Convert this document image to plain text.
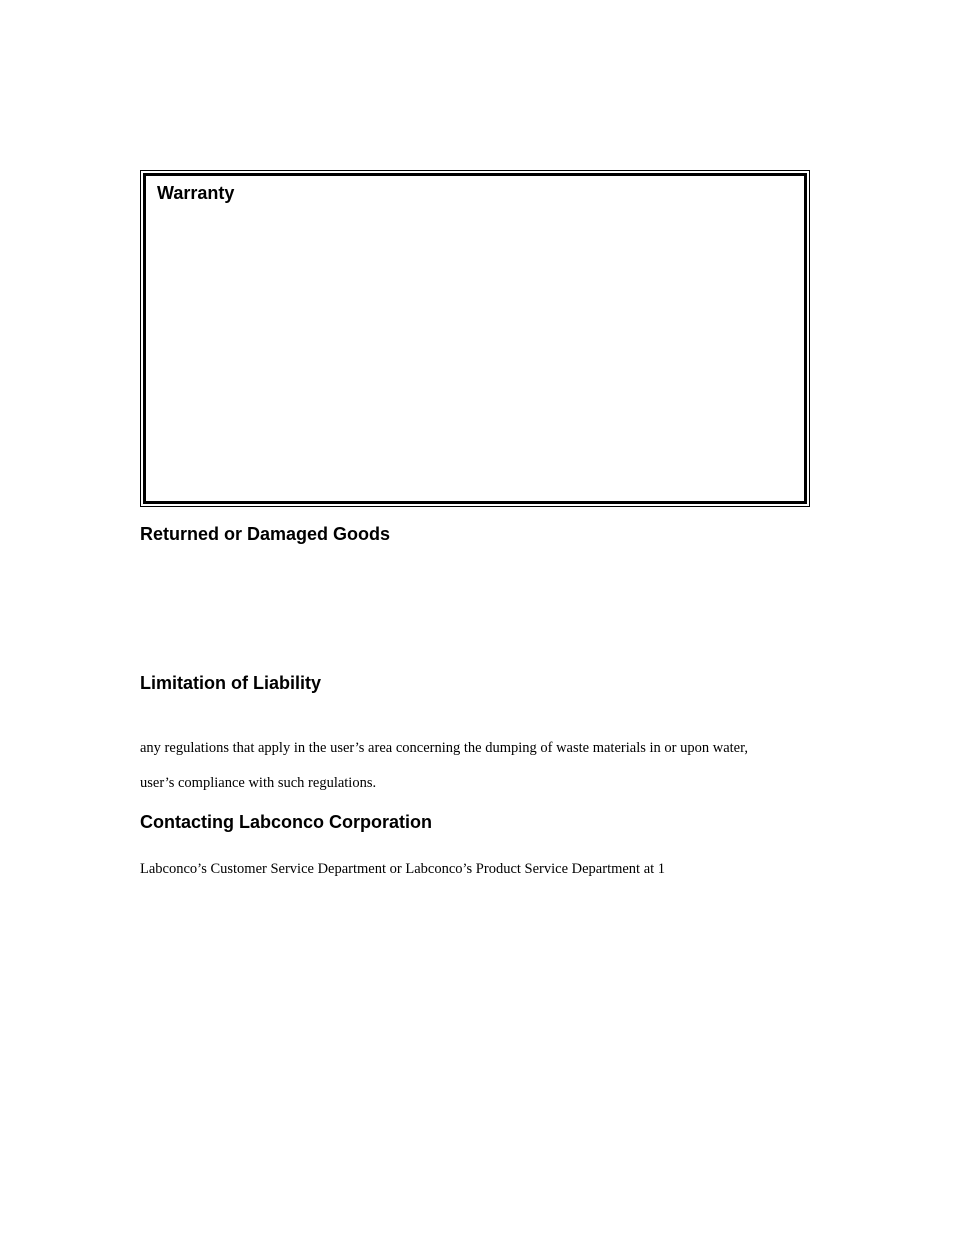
Warranty
Returned or Damaged Goods
Limitation of Liability

any regulations that apply in the user’s area concerning the dumping of waste materials in or upon water,

user’s compliance with such regulations.

Contacting Labconco Corporation

Labconco’s Customer Service Department or Labconco’s Product Service Department at 1
